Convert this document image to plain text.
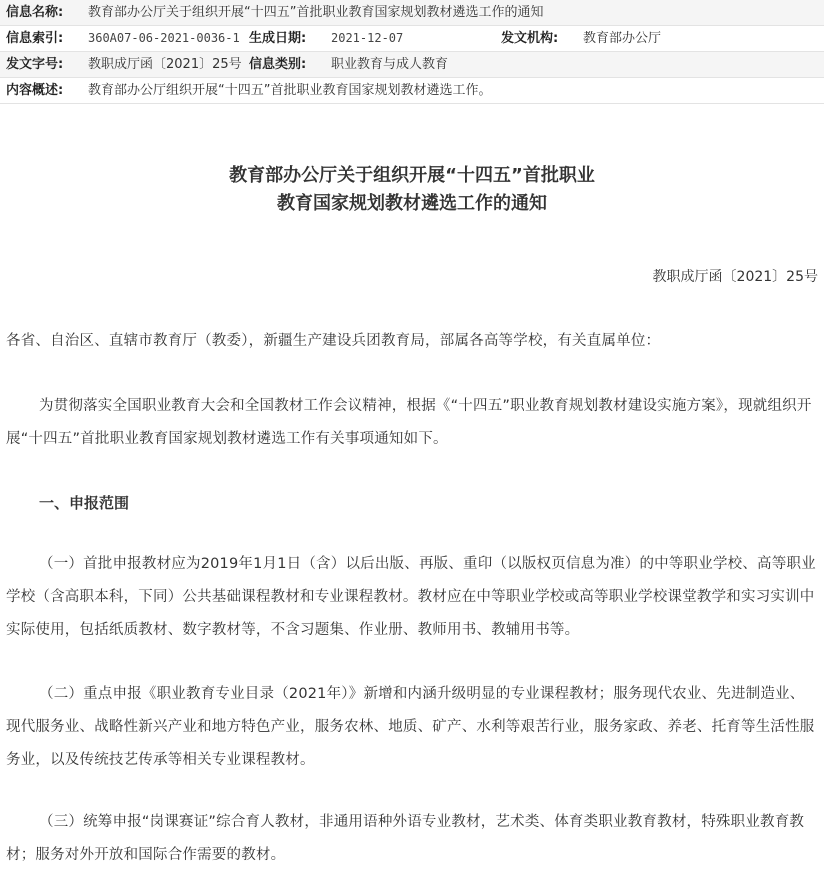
信息名称: 教育部办公厅关于组织开展“十四五”首批职业教育国家规划教材遴选工作的通知
信息索引: 360A07-06-2021-0036-1 生成日期: 2021-12-07	发文机构: 教育部办公厅
发文字号: 教职成厅函〔2021〕25号 信息类别: 职业教育与成人教育
内容概述: 教育部办公厅组织开展“十四五”首批职业教育国家规划教材遴选工作。
教育部办公厅关于组织开展“十四五”首批职业
教育国家规划教材遴选工作的通知
教职成厅函〔2021〕25号
各省、自治区、直辖市教育厅（教委），新疆生产建设兵团教育局，部属各高等学校，有关直属单位：
为贯彻落实全国职业教育大会和全国教材工作会议精神，根据《“十四五”职业教育规划教材建设实施方案》，现就组织开展“十四五”首批职业教育国家规划教材遴选工作有关事项通知如下。
一、申报范围
（一）首批申报教材应为2019年1月1日（含）以后出版、再版、重印（以版权页信息为准）的中等职业学校、高等职业学校（含高职本科，下同）公共基础课程教材和专业课程教材。教材应在中等职业学校或高等职业学校课堂教学和实习实训中实际使用，包括纸质教材、数字教材等，不含习题集、作业册、教师用书、教辅用书等。
（二）重点申报《职业教育专业目录（2021年）》新增和内涵升级明显的专业课程教材；服务现代农业、先进制造业、现代服务业、战略性新兴产业和地方特色产业，服务农林、地质、矿产、水利等艰苦行业，服务家政、养老、托育等生活性服务业，以及传统技艺传承等相关专业课程教材。
（三）统筹申报“岗课赛证”综合育人教材，非通用语种外语专业教材，艺术类、体育类职业教育教材，特殊职业教育教材；服务对外开放和国际合作需要的教材。
